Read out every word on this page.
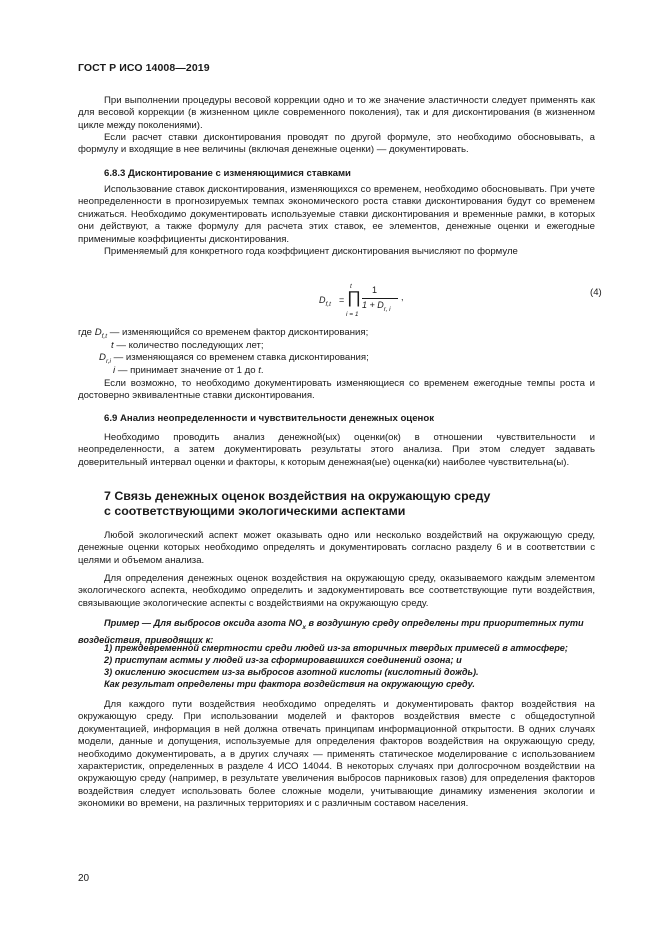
ГОСТ Р ИСО 14008—2019
При выполнении процедуры весовой коррекции одно и то же значение эластичности следует применять как для весовой коррекции (в жизненном цикле современного поколения), так и для дисконтирования (в жизненном цикле между поколениями).
Если расчет ставки дисконтирования проводят по другой формуле, это необходимо обосновывать, а формулу и входящие в нее величины (включая денежные оценки) — документировать.
6.8.3 Дисконтирование с изменяющимися ставками
Использование ставок дисконтирования, изменяющихся со временем, необходимо обосновывать. При учете неопределенности в прогнозируемых темпах экономического роста ставки дисконтирования будут со временем снижаться. Необходимо документировать используемые ставки дисконтирования и временные рамки, в которых они действуют, а также формулу для расчета этих ставок, ее элементов, денежные оценки и ежегодные применимые коэффициенты дисконтирования.
Применяемый для конкретного года коэффициент дисконтирования вычисляют по формуле
$D_{f,t}$ =
t
∏
i = 1
1
$1 + D_{r, i}$
,	(4)
где $D_{f,t}$ — изменяющийся со временем фактор дисконтирования;
t — количество последующих лет;
$D_{r,i}$ — изменяющаяся со временем ставка дисконтирования;
i — принимает значение от 1 до t.
Если возможно, то необходимо документировать изменяющиеся со временем ежегодные темпы роста и достоверно эквивалентные ставки дисконтирования.
6.9 Анализ неопределенности и чувствительности денежных оценок
Необходимо проводить анализ денежной(ых) оценки(ок) в отношении чувствительности и неопределенности, а затем документировать результаты этого анализа. При этом следует задавать доверительный интервал оценки и факторы, к которым денежная(ые) оценка(ки) наиболее чувствительна(ы).
7 Связь денежных оценок воздействия на окружающую среду
с соответствующими экологическими аспектами
Любой экологический аспект может оказывать одно или несколько воздействий на окружающую среду, денежные оценки которых необходимо определять и документировать согласно разделу 6 и в соответствии с целями и объемом анализа.
Для определения денежных оценок воздействия на окружающую среду, оказываемого каждым элементом экологического аспекта, необходимо определить и задокументировать все соответствующие пути воздействия, связывающие экологические аспекты с воздействиями на окружающую среду.
Пример — Для выбросов оксида азота $NO_x$ в воздушную среду определены три приоритетных пути воздействия, приводящих к:
1) преждевременной смертности среди людей из-за вторичных твердых примесей в атмосфере;
2) приступам астмы у людей из-за сформировавшихся соединений озона; и
3) окислению экосистем из-за выбросов азотной кислоты (кислотный дождь).
Как результат определены три фактора воздействия на окружающую среду.
Для каждого пути воздействия необходимо определять и документировать фактор воздействия на окружающую среду. При использовании моделей и факторов воздействия вместе с общедоступной документацией, информация в ней должна отвечать принципам информационной открытости. В одних случаях модели, данные и допущения, используемые для определения факторов воздействия на окружающую среду, необходимо документировать, а в других случаях — применять статическое моделирование с использованием характеристик, определенных в разделе 4 ИСО 14044. В некоторых случаях при долгосрочном воздействии на окружающую среду (например, в результате увеличения выбросов парниковых газов) для определения факторов воздействия следует использовать более сложные модели, учитывающие динамику изменения экологии и экономики во времени, на различных территориях и с различным составом населения.
20
